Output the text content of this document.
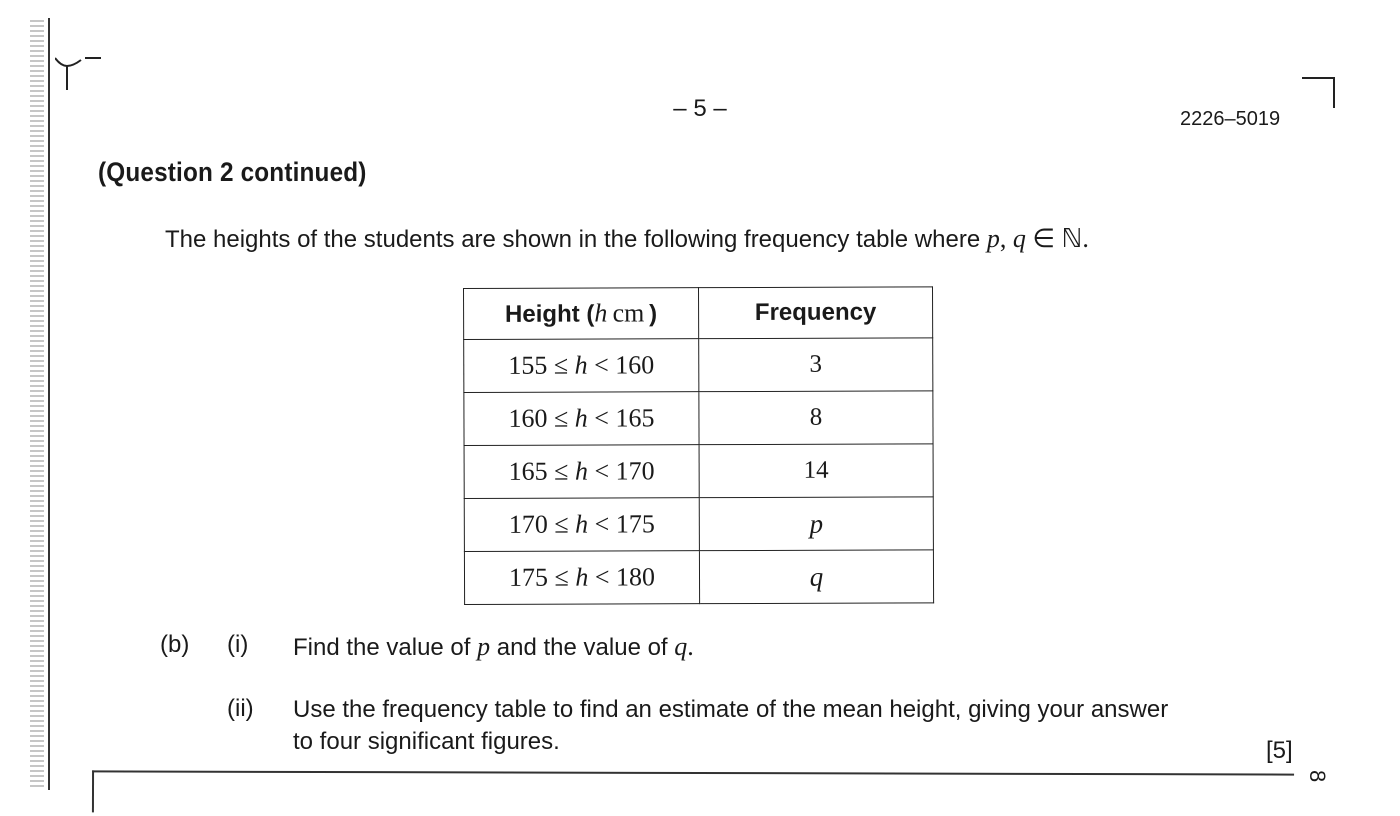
– 5 –	2226–5019
(Question 2 continued)
The heights of the students are shown in the following frequency table where p, q ∈ ℕ.
Height (h  cm  )	Frequency
155 ≤ h < 160	3
160 ≤ h < 165	8
165 ≤ h < 170	14
170 ≤ h < 175	p
175 ≤ h < 180	q
(b) (i) Find the value of p and the value of q.
(ii) Use the frequency table to find an estimate of the mean height, giving your answer to four significant figures.	[5]
8
